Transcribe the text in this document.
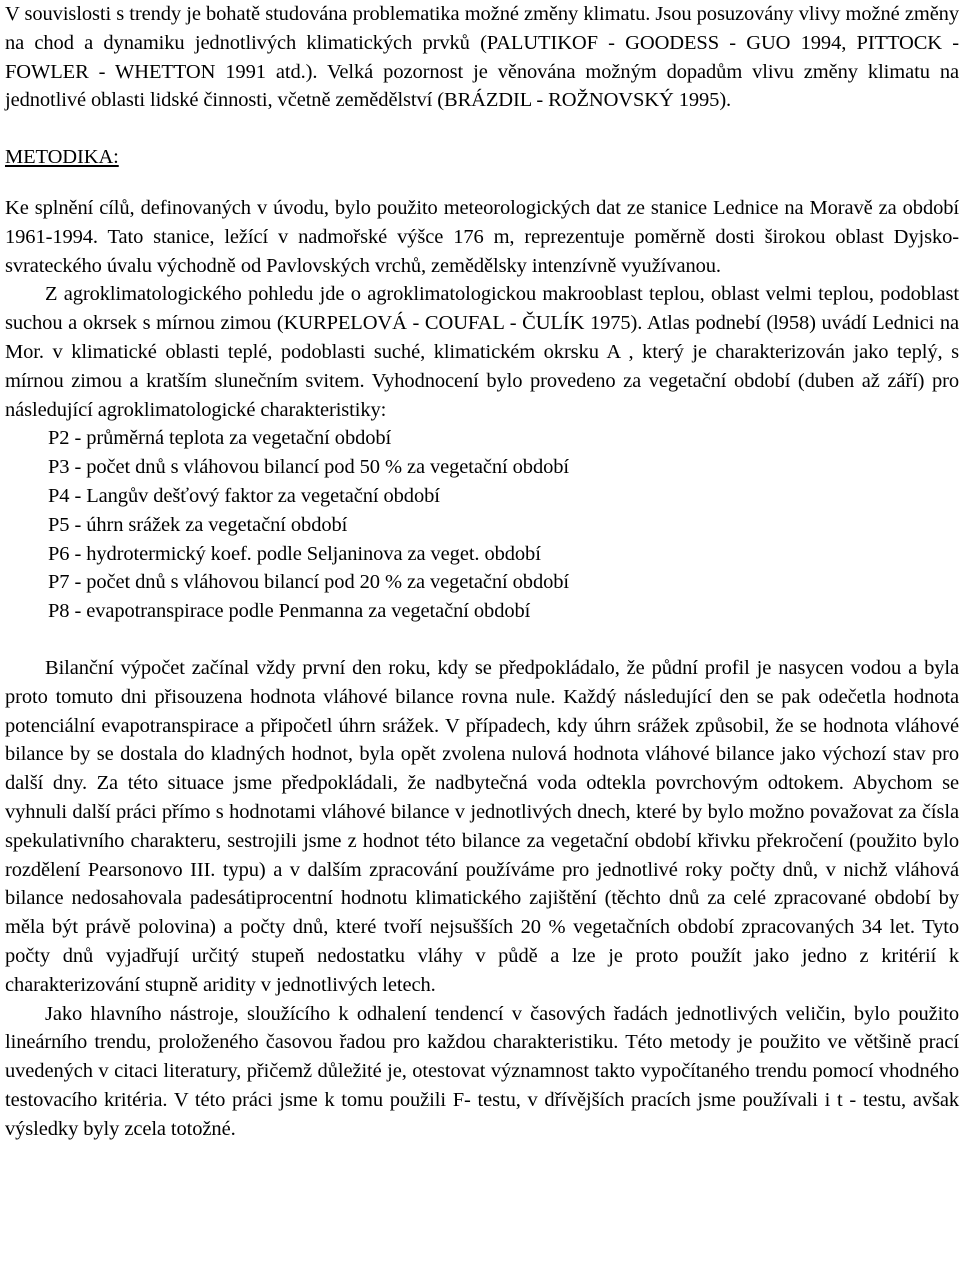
V souvislosti s trendy je bohatě studována problematika možné změny klimatu. Jsou posuzovány vlivy možné změny na chod a dynamiku jednotlivých klimatických prvků (PALUTIKOF - GOODESS - GUO 1994, PITTOCK - FOWLER - WHETTON 1991 atd.). Velká pozornost je věnována možným dopadům vlivu změny klimatu na jednotlivé oblasti lidské činnosti, včetně zemědělství (BRÁZDIL - ROŽNOVSKÝ 1995).

METODIKA:

Ke splnění cílů, definovaných v úvodu, bylo použito meteorologických dat ze stanice Lednice na Moravě za období 1961-1994. Tato stanice, ležící v nadmořské výšce 176 m, reprezentuje poměrně dosti širokou oblast Dyjsko-svrateckého úvalu východně od Pavlovských vrchů, zemědělsky intenzívně využívanou.

Z agroklimatologického pohledu jde o agroklimatologickou makrooblast teplou, oblast velmi teplou, podoblast suchou a okrsek s mírnou zimou (KURPELOVÁ - COUFAL - ČULÍK 1975). Atlas podnebí (l958) uvádí Lednici na Mor. v klimatické oblasti teplé, podoblasti suché, klimatickém okrsku A , který je charakterizován jako teplý, s mírnou zimou a kratším slunečním svitem. Vyhodnocení bylo provedeno za vegetační období (duben až září) pro následující agroklimatologické charakteristiky:

P2 - průměrná teplota za vegetační období
P3 - počet dnů s vláhovou bilancí pod 50 % za vegetační období
P4 - Langův dešťový faktor za vegetační období
P5 - úhrn srážek za vegetační období
P6 - hydrotermický koef. podle Seljaninova za veget. období
P7 - počet dnů s vláhovou bilancí pod 20 % za vegetační období
P8 - evapotranspirace podle Penmanna za vegetační období

Bilanční výpočet začínal vždy první den roku, kdy se předpokládalo, že půdní profil je nasycen vodou a byla proto tomuto dni přisouzena hodnota vláhové bilance rovna nule. Každý následující den se pak odečetla hodnota potenciální evapotranspirace a připočetl úhrn srážek. V případech, kdy úhrn srážek způsobil, že se hodnota vláhové bilance by se dostala do kladných hodnot, byla opět zvolena nulová hodnota vláhové bilance jako výchozí stav pro další dny. Za této situace jsme předpokládali, že nadbytečná voda odtekla povrchovým odtokem. Abychom se vyhnuli další práci přímo s hodnotami vláhové bilance v jednotlivých dnech, které by bylo možno považovat za čísla spekulativního charakteru, sestrojili jsme z hodnot této bilance za vegetační období křivku překročení (použito bylo rozdělení Pearsonovo III. typu) a v dalším zpracování používáme pro jednotlivé roky počty dnů, v nichž vláhová bilance nedosahovala padesátiprocentní hodnotu klimatického zajištění (těchto dnů za celé zpracované období by měla být právě polovina) a počty dnů, které tvoří nejsušších 20 % vegetačních období zpracovaných 34 let. Tyto počty dnů vyjadřují určitý stupeň nedostatku vláhy v půdě a lze je proto použít jako jedno z kritérií k charakterizování stupně aridity v jednotlivých letech.

Jako hlavního nástroje, sloužícího k odhalení tendencí v časových řadách jednotlivých veličin, bylo použito lineárního trendu, proloženého časovou řadou pro každou charakteristiku. Této metody je použito ve většině prací uvedených v citaci literatury, přičemž důležité je, otestovat významnost takto vypočítaného trendu pomocí vhodného testovacího kritéria. V této práci jsme k tomu použili F- testu, v dřívějších pracích jsme používali i t - testu, avšak výsledky byly zcela totožné.
